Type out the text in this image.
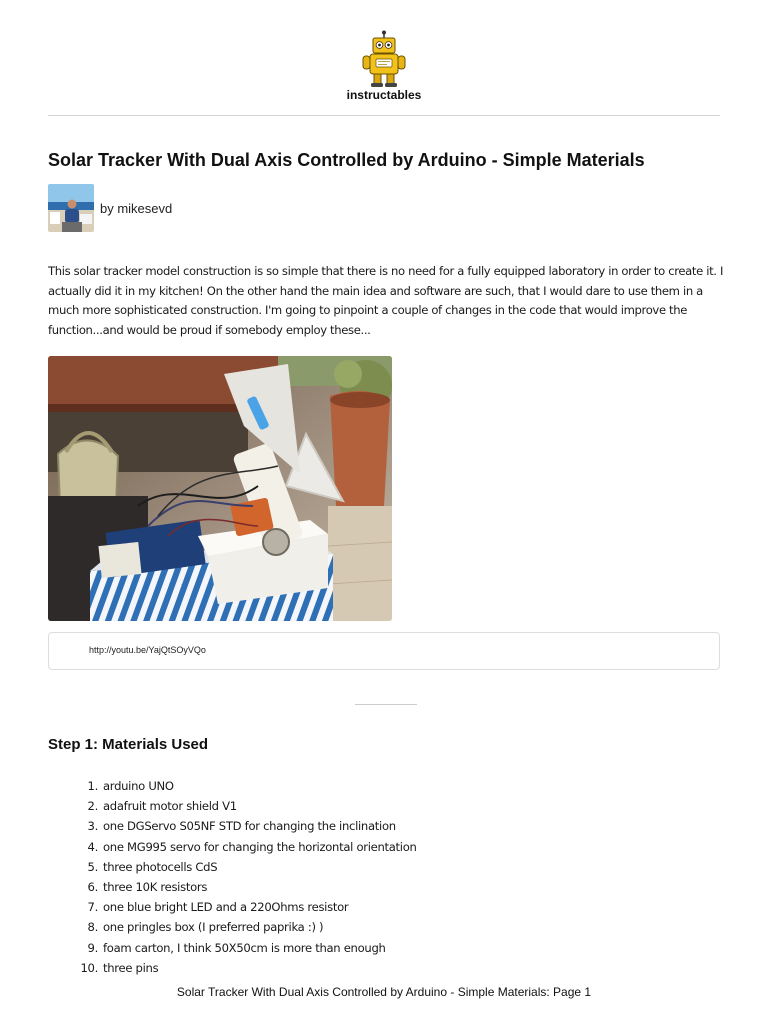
instructables
Solar Tracker With Dual Axis Controlled by Arduino - Simple Materials
by mikesevd

This solar tracker model construction is so simple that there is no need for a fully equipped laboratory in order to create it. I actually did it in my kitchen! On the other hand the main idea and software are such, that I would dare to use them in a much more sophisticated construction. I'm going to pinpoint a couple of changes in the code that would improve the function...and would be proud if somebody employ these...

http://youtu.be/YajQtSOyVQo
Step 1: Materials Used
1. arduino UNO
2. adafruit motor shield V1
3. one DGServo S05NF STD for changing the inclination
4. one MG995 servo for changing the horizontal orientation
5. three photocells CdS
6. three 10K resistors
7. one blue bright LED and a 220Ohms resistor
8. one pringles box (I preferred paprika :) )
9. foam carton, I think 50X50cm is more than enough
10. three pins
Solar Tracker With Dual Axis Controlled by Arduino - Simple Materials: Page 1
